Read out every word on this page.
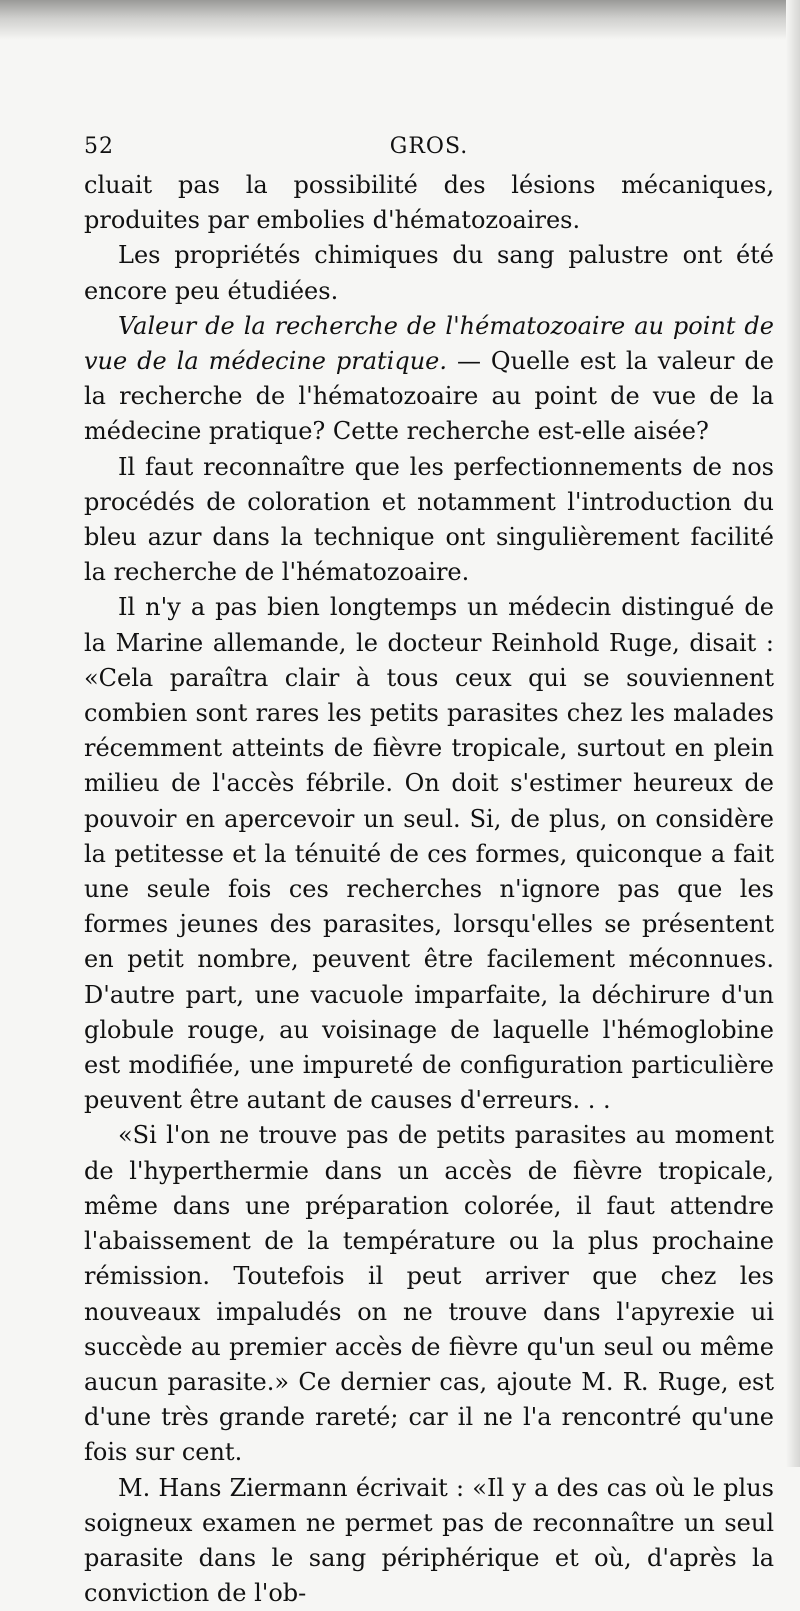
52	GROS.

cluait pas la possibilité des lésions mécaniques, produites par embolies d'hématozoaires.

Les propriétés chimiques du sang palustre ont été encore peu étudiées.

Valeur de la recherche de l'hématozoaire au point de vue de la médecine pratique. — Quelle est la valeur de la recherche de l'hématozoaire au point de vue de la médecine pratique? Cette recherche est-elle aisée?

Il faut reconnaître que les perfectionnements de nos procédés de coloration et notamment l'introduction du bleu azur dans la technique ont singulièrement facilité la recherche de l'hématozoaire.

Il n'y a pas bien longtemps un médecin distingué de la Marine allemande, le docteur Reinhold Ruge, disait : «Cela paraîtra clair à tous ceux qui se souviennent combien sont rares les petits parasites chez les malades récemment atteints de fièvre tropicale, surtout en plein milieu de l'accès fébrile. On doit s'estimer heureux de pouvoir en apercevoir un seul. Si, de plus, on considère la petitesse et la ténuité de ces formes, quiconque a fait une seule fois ces recherches n'ignore pas que les formes jeunes des parasites, lorsqu'elles se présentent en petit nombre, peuvent être facilement méconnues. D'autre part, une vacuole imparfaite, la déchirure d'un globule rouge, au voisinage de laquelle l'hémoglobine est modifiée, une impureté de configuration particulière peuvent être autant de causes d'erreurs. . .

«Si l'on ne trouve pas de petits parasites au moment de l'hyperthermie dans un accès de fièvre tropicale, même dans une préparation colorée, il faut attendre l'abaissement de la température ou la plus prochaine rémission. Toutefois il peut arriver que chez les nouveaux impaludés on ne trouve dans l'apyrexie ui succède au premier accès de fièvre qu'un seul ou même aucun parasite.» Ce dernier cas, ajoute M. R. Ruge, est d'une très grande rareté; car il ne l'a rencontré qu'une fois sur cent.

M. Hans Ziermann écrivait : «Il y a des cas où le plus soigneux examen ne permet pas de reconnaître un seul parasite dans le sang périphérique et où, d'après la conviction de l'ob-
